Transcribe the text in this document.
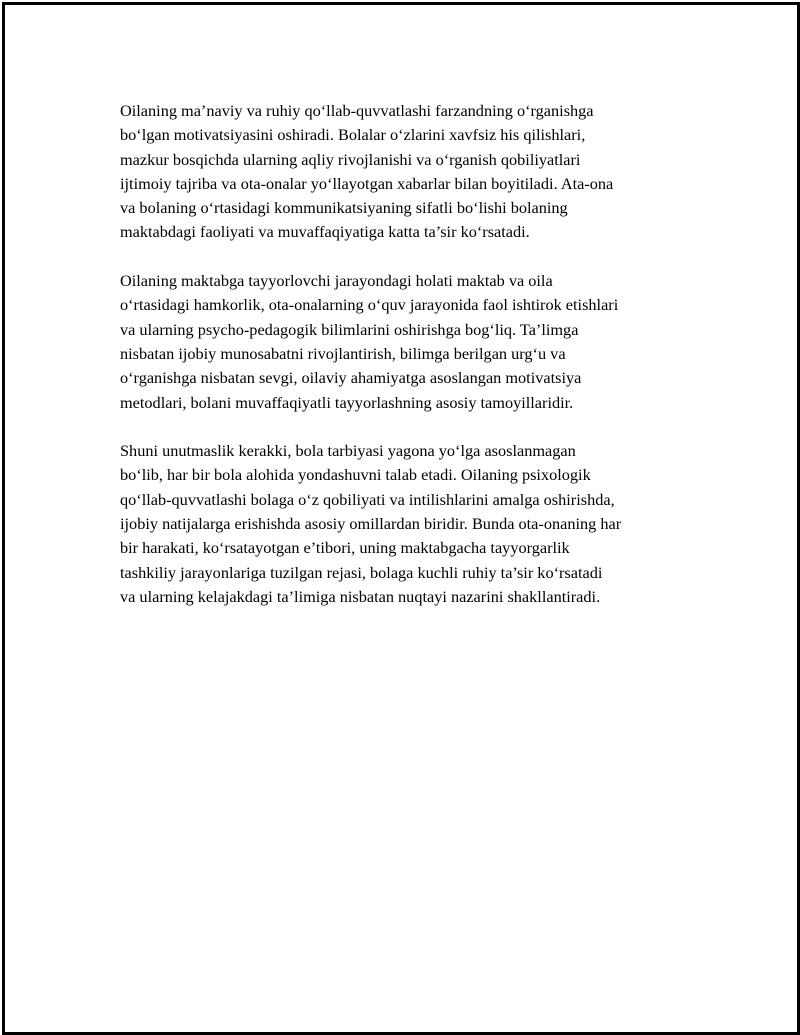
Oilaning ma’naviy va ruhiy qo‘llab-quvvatlashi farzandning o‘rganishga
bo‘lgan motivatsiyasini oshiradi. Bolalar o‘zlarini xavfsiz his qilishlari,
mazkur bosqichda ularning aqliy rivojlanishi va o‘rganish qobiliyatlari
ijtimoiy tajriba va ota-onalar yo‘llayotgan xabarlar bilan boyitiladi. Ata-ona
va bolaning o‘rtasidagi kommunikatsiyaning sifatli bo‘lishi bolaning
maktabdagi faoliyati va muvaffaqiyatiga katta ta’sir ko‘rsatadi.

Oilaning maktabga tayyorlovchi jarayondagi holati maktab va oila
o‘rtasidagi hamkorlik, ota-onalarning o‘quv jarayonida faol ishtirok etishlari
va ularning psycho-pedagogik bilimlarini oshirishga bog‘liq. Ta’limga
nisbatan ijobiy munosabatni rivojlantirish, bilimga berilgan urg‘u va
o‘rganishga nisbatan sevgi, oilaviy ahamiyatga asoslangan motivatsiya
metodlari, bolani muvaffaqiyatli tayyorlashning asosiy tamoyillaridir.

Shuni unutmaslik kerakki, bola tarbiyasi yagona yo‘lga asoslanmagan
bo‘lib, har bir bola alohida yondashuvni talab etadi. Oilaning psixologik
qo‘llab-quvvatlashi bolaga o‘z qobiliyati va intilishlarini amalga oshirishda,
ijobiy natijalarga erishishda asosiy omillardan biridir. Bunda ota-onaning har
bir harakati, ko‘rsatayotgan e’tibori, uning maktabgacha tayyorgarlik
tashkiliy jarayonlariga tuzilgan rejasi, bolaga kuchli ruhiy ta’sir ko‘rsatadi
va ularning kelajakdagi ta’limiga nisbatan nuqtayi nazarini shakllantiradi.
